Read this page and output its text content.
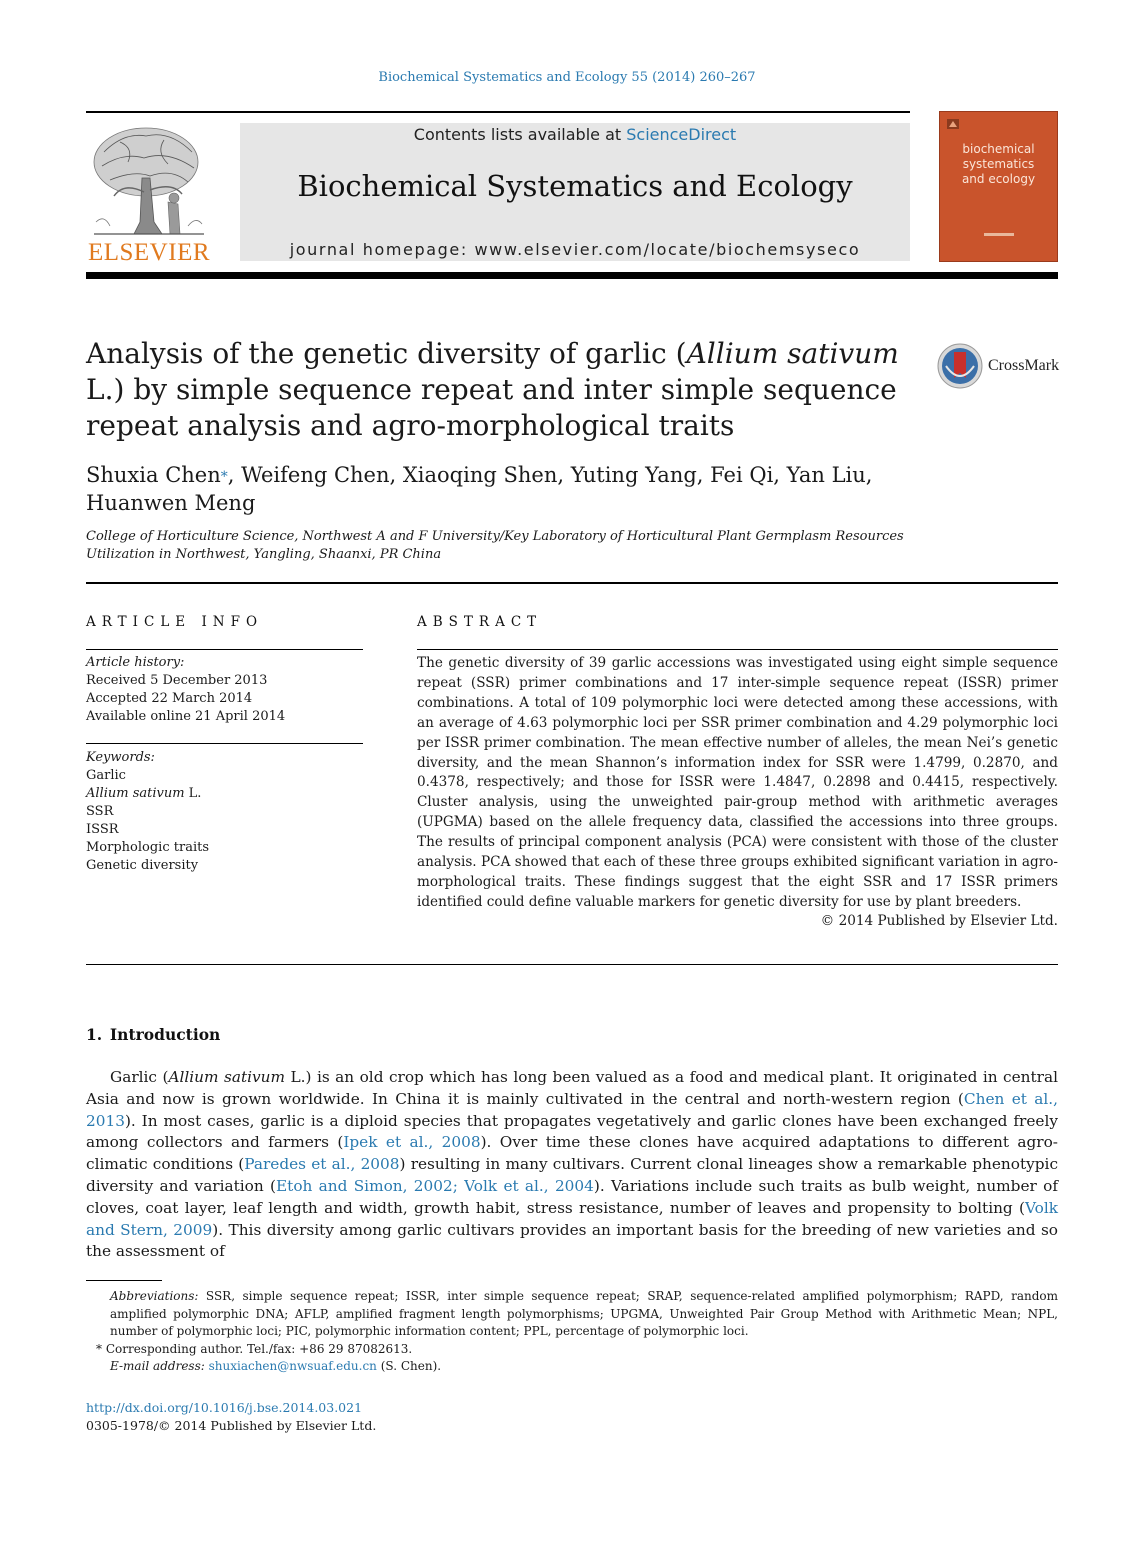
Biochemical Systematics and Ecology 55 (2014) 260–267
ELSEVIER
Contents lists available at ScienceDirect
Biochemical Systematics and Ecology
journal homepage: www.elsevier.com/locate/biochemsyseco
biochemical
systematics
and ecology
Analysis of the genetic diversity of garlic (Allium sativum L.) by simple sequence repeat and inter simple sequence repeat analysis and agro-morphological traits
CrossMark
Shuxia Chen*, Weifeng Chen, Xiaoqing Shen, Yuting Yang, Fei Qi, Yan Liu, Huanwen Meng
College of Horticulture Science, Northwest A and F University/Key Laboratory of Horticultural Plant Germplasm Resources Utilization in Northwest, Yangling, Shaanxi, PR China
ARTICLE INFO	ABSTRACT
Article history:
Received 5 December 2013
Accepted 22 March 2014
Available online 21 April 2014
Keywords:
Garlic
Allium sativum L.
SSR
ISSR
Morphologic traits
Genetic diversity
The genetic diversity of 39 garlic accessions was investigated using eight simple sequence repeat (SSR) primer combinations and 17 inter-simple sequence repeat (ISSR) primer combinations. A total of 109 polymorphic loci were detected among these accessions, with an average of 4.63 polymorphic loci per SSR primer combination and 4.29 polymorphic loci per ISSR primer combination. The mean effective number of alleles, the mean Nei’s genetic diversity, and the mean Shannon’s information index for SSR were 1.4799, 0.2870, and 0.4378, respectively; and those for ISSR were 1.4847, 0.2898 and 0.4415, respectively. Cluster analysis, using the unweighted pair-group method with arithmetic averages (UPGMA) based on the allele frequency data, classified the accessions into three groups. The results of principal component analysis (PCA) were consistent with those of the cluster analysis. PCA showed that each of these three groups exhibited significant variation in agro-morphological traits. These findings suggest that the eight SSR and 17 ISSR primers identified could define valuable markers for genetic diversity for use by plant breeders.
© 2014 Published by Elsevier Ltd.
1. Introduction
Garlic (Allium sativum L.) is an old crop which has long been valued as a food and medical plant. It originated in central Asia and now is grown worldwide. In China it is mainly cultivated in the central and north-western region (Chen et al., 2013). In most cases, garlic is a diploid species that propagates vegetatively and garlic clones have been exchanged freely among collectors and farmers (Ipek et al., 2008). Over time these clones have acquired adaptations to different agro-climatic conditions (Paredes et al., 2008) resulting in many cultivars. Current clonal lineages show a remarkable phenotypic diversity and variation (Etoh and Simon, 2002; Volk et al., 2004). Variations include such traits as bulb weight, number of cloves, coat layer, leaf length and width, growth habit, stress resistance, number of leaves and propensity to bolting (Volk and Stern, 2009). This diversity among garlic cultivars provides an important basis for the breeding of new varieties and so the assessment of
Abbreviations: SSR, simple sequence repeat; ISSR, inter simple sequence repeat; SRAP, sequence-related amplified polymorphism; RAPD, random amplified polymorphic DNA; AFLP, amplified fragment length polymorphisms; UPGMA, Unweighted Pair Group Method with Arithmetic Mean; NPL, number of polymorphic loci; PIC, polymorphic information content; PPL, percentage of polymorphic loci.
* Corresponding author. Tel./fax: +86 29 87082613.
E-mail address: shuxiachen@nwsuaf.edu.cn (S. Chen).
http://dx.doi.org/10.1016/j.bse.2014.03.021
0305-1978/© 2014 Published by Elsevier Ltd.
